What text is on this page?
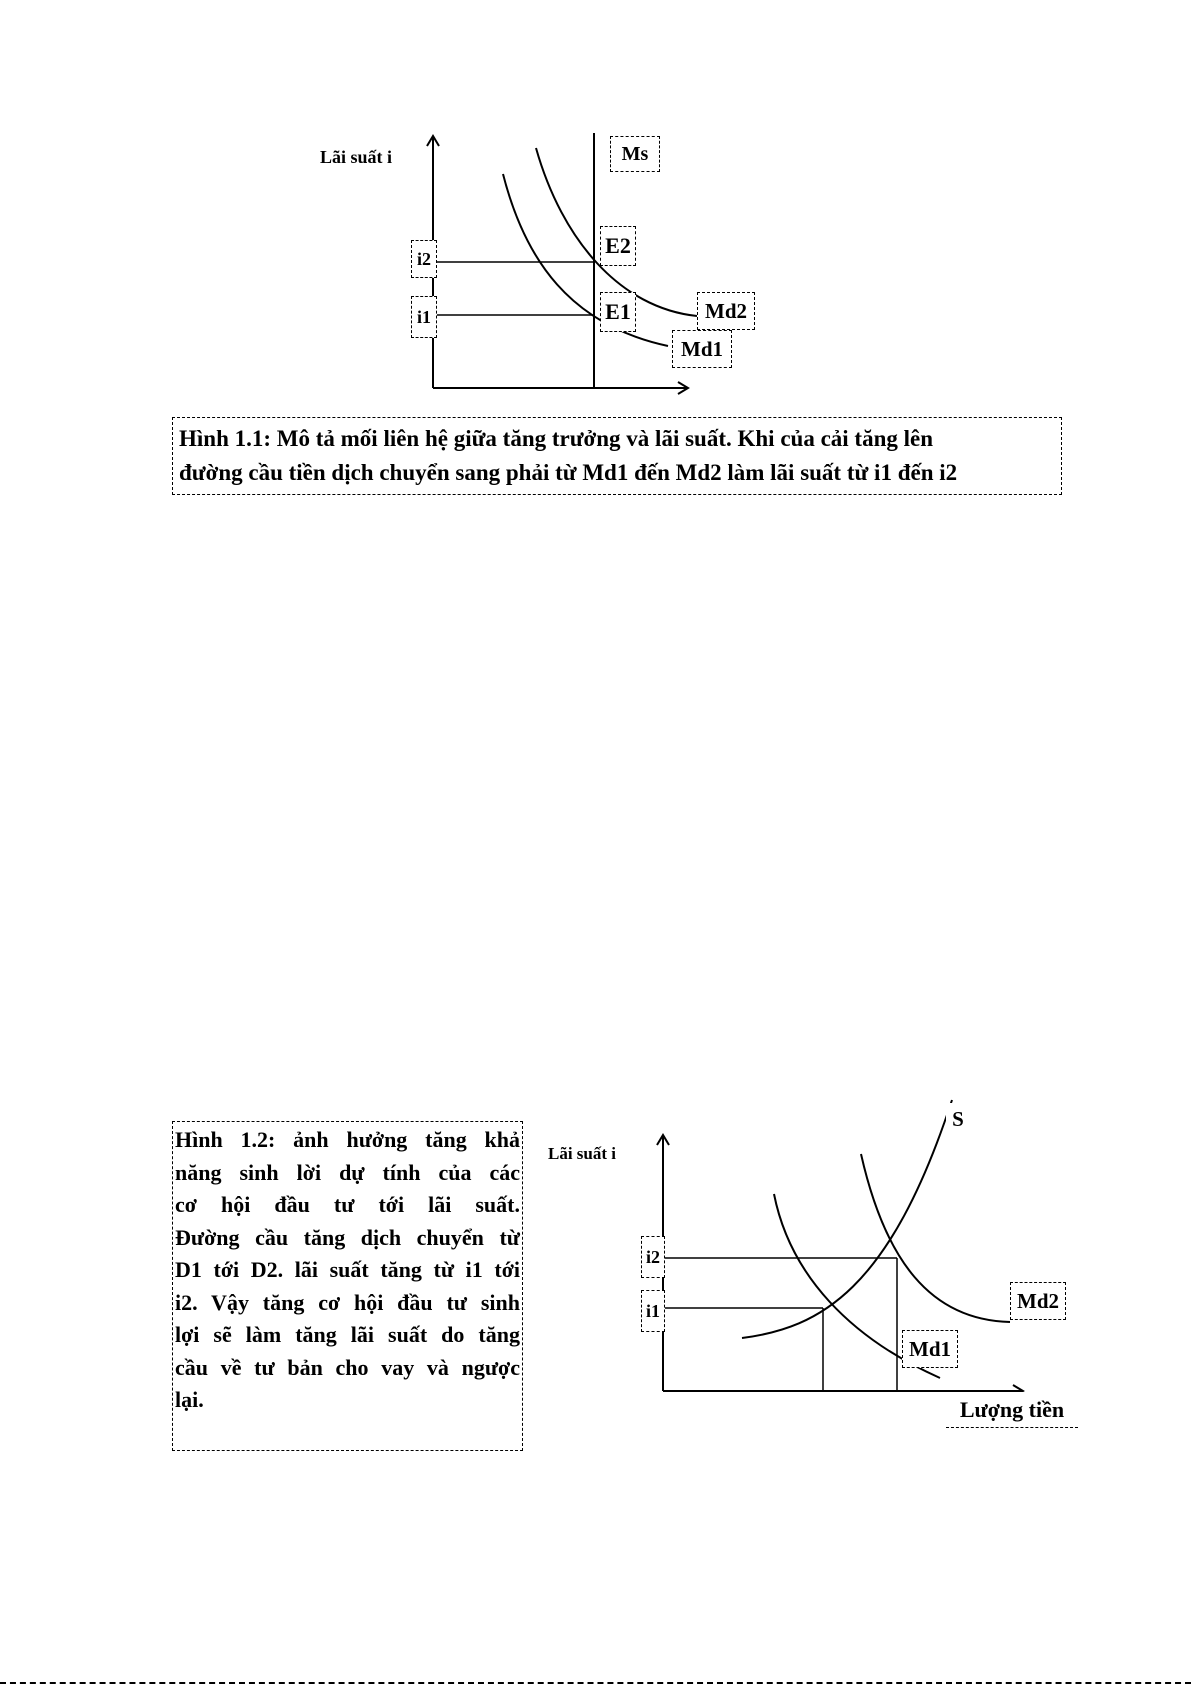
Lãi suất i	Ms
E2
E1
i2
i1	Md2
Md1

Hình 1.1: Mô tả mối liên hệ giữa tăng trưởng và lãi suất. Khi của cải tăng lên

đường cầu tiền dịch chuyển sang phải từ Md1 đến Md2 làm lãi suất từ i1 đến i2

Hình 1.2: ảnh hưởng tăng khả

năng sinh lời dự tính của các

cơ hội đầu tư tới lãi suất.

Đường cầu tăng dịch chuyển từ

D1 tới D2. lãi suất tăng từ i1 tới

i2. Vậy tăng cơ hội đầu tư sinh

lợi sẽ làm tăng lãi suất do tăng

cầu về tư bản cho vay và ngược

lại.

Lãi suất i
S
i2
i1	Md2
Md1
Lượng tiền
